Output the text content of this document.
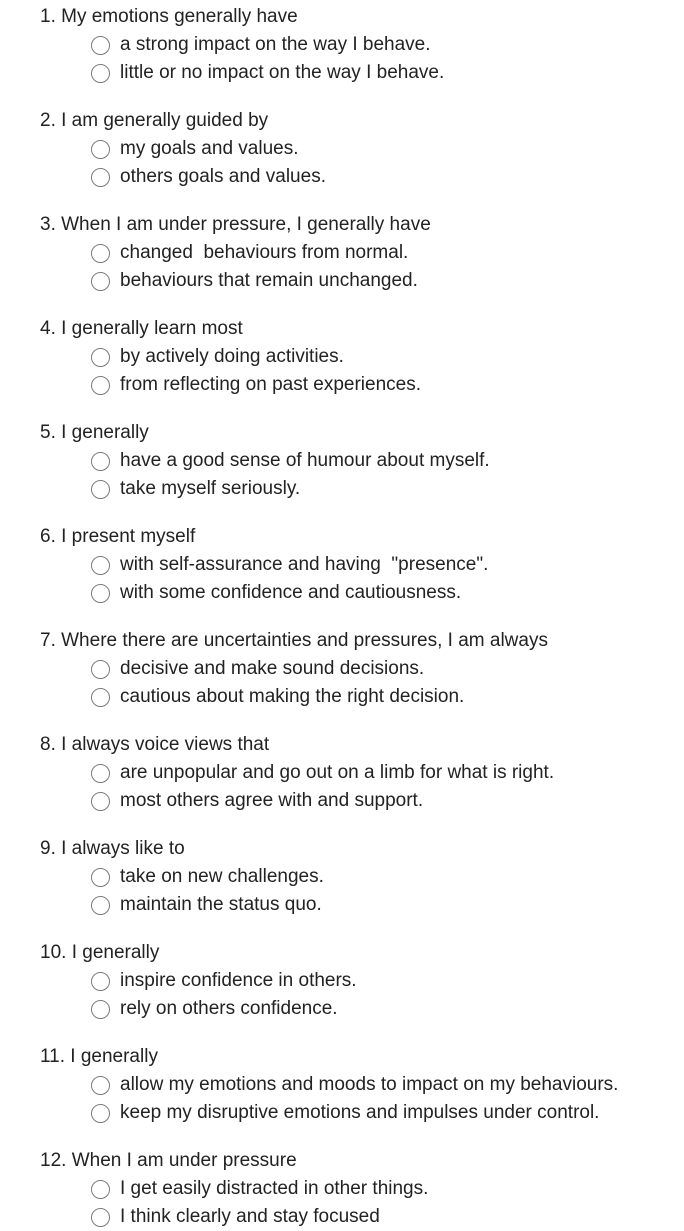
1. My emotions generally have
a strong impact on the way I behave.
little or no impact on the way I behave.
2. I am generally guided by
my goals and values.
others goals and values.
3. When I am under pressure, I generally have
changed  behaviours from normal.
behaviours that remain unchanged.
4. I generally learn most
by actively doing activities.
from reflecting on past experiences.
5. I generally
have a good sense of humour about myself.
take myself seriously.
6. I present myself
with self-assurance and having  "presence".
with some confidence and cautiousness.
7. Where there are uncertainties and pressures, I am always
decisive and make sound decisions.
cautious about making the right decision.
8. I always voice views that
are unpopular and go out on a limb for what is right.
most others agree with and support.
9. I always like to
take on new challenges.
maintain the status quo.
10. I generally
inspire confidence in others.
rely on others confidence.
11. I generally
allow my emotions and moods to impact on my behaviours.
keep my disruptive emotions and impulses under control.
12. When I am under pressure
I get easily distracted in other things.
I think clearly and stay focused
